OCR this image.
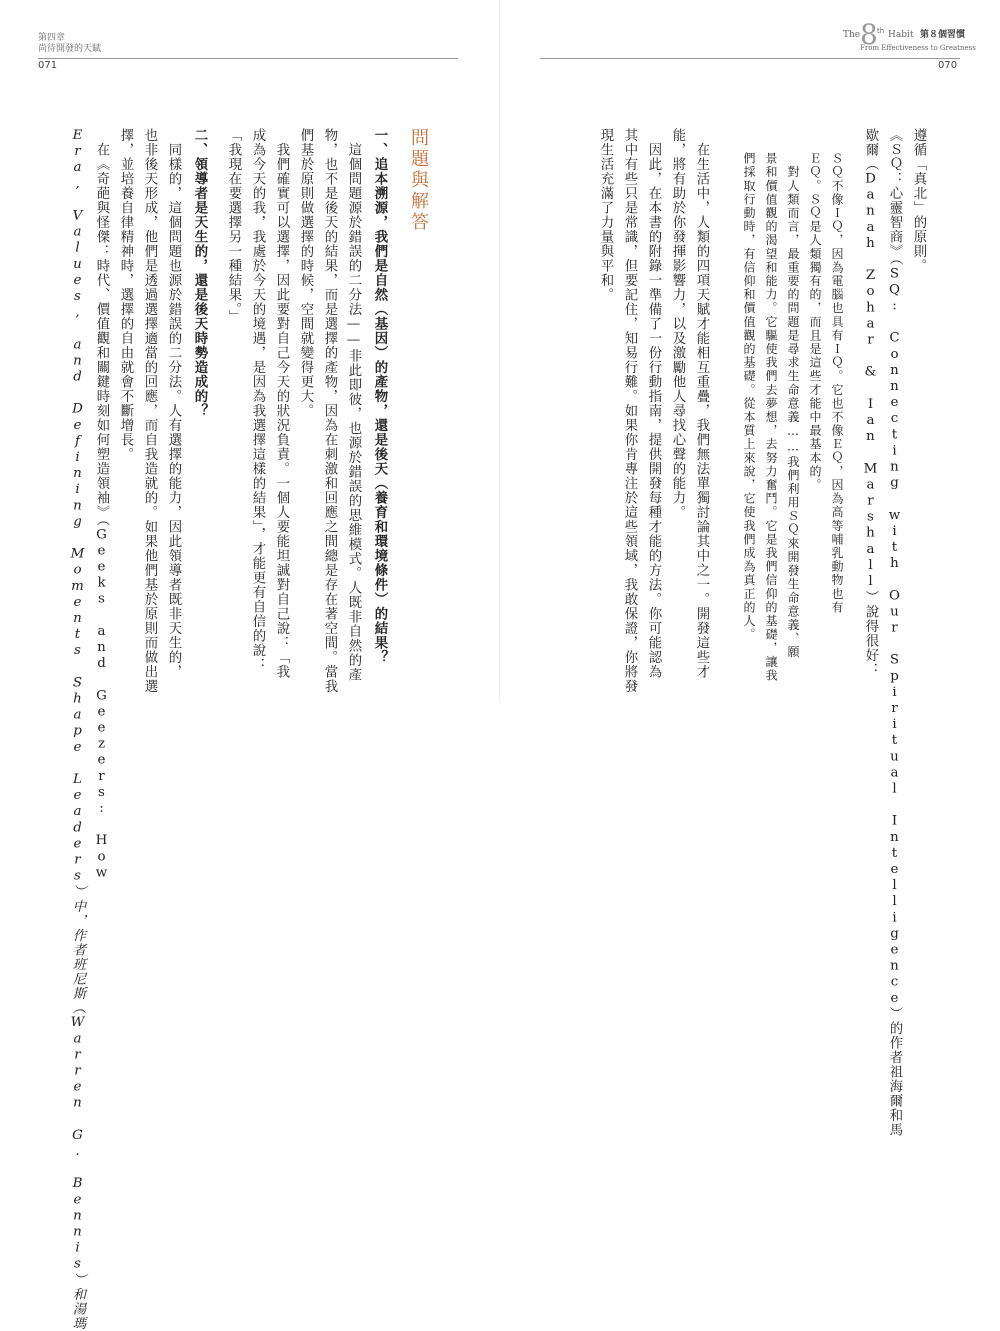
第四章
尚待開發的天賦
071
The 8 th Habit
From Effectiveness to Greatness
第８個習慣
070
遵循「真北」的原則。
《ＳＱ：心靈智商》（SQ: Connecting with Our Spiritual Intelligence）的作者祖海爾和馬
歇爾（Danah Zohar & Ian Marshall）說得很好：
ＳＱ不像ＩＱ，因為電腦也具有ＩＱ。它也不像ＥＱ，因為高等哺乳動物也有
ＥＱ。ＳＱ是人類獨有的，而且是這些才能中最基本的。
　對人類而言，最重要的問題是尋求生命意義……我們利用ＳＱ來開發生命意義、願
景和價值觀的渴望和能力。它驅使我們去夢想，去努力奮鬥。它是我們信仰的基礎，讓我
們採取行動時，有信仰和價值觀的基礎。從本質上來說，它使我們成為真正的人。
　在生活中，人類的四項天賦才能相互重疊，我們無法單獨討論其中之一。開發這些才
能，將有助於你發揮影響力，以及激勵他人尋找心聲的能力。
　因此，在本書的附錄一準備了一份行動指南，提供開發每種才能的方法。你可能認為
其中有些只是常識，但要記住，知易行難。如果你肯專注於這些領域，我敢保證，你將發
現生活充滿了力量與平和。
問題與解答
一、追本溯源，我們是自然（基因）的產物，還是後天（養育和環境條件）的結果？
　這個問題源於錯誤的二分法——非此即彼，也源於錯誤的思維模式。人既非自然的產
物，也不是後天的結果，而是選擇的產物，因為在刺激和回應之間總是存在著空間。當我
們基於原則做選擇的時候，空間就變得更大。
　我們確實可以選擇，因此要對自己今天的狀況負責。一個人要能坦誠對自己說：「我
成為今天的我，我處於今天的境遇，是因為我選擇這樣的結果」，才能更有自信的說：
「我現在要選擇另一種結果。」
二、領導者是天生的，還是後天時勢造成的？
　同樣的，這個問題也源於錯誤的二分法。人有選擇的能力，因此領導者既非天生的，
也非後天形成，他們是透過選擇適當的回應，而自我造就的。如果他們基於原則而做出選
擇，並培養自律精神時，選擇的自由就會不斷增長。
　在《奇葩與怪傑：時代、價值觀和關鍵時刻如何塑造領袖》（Geeks and Geezers: How
Era, Values, and Defining Moments Shape Leaders）中，作者班尼斯（Warren G. Bennis）和湯瑪
